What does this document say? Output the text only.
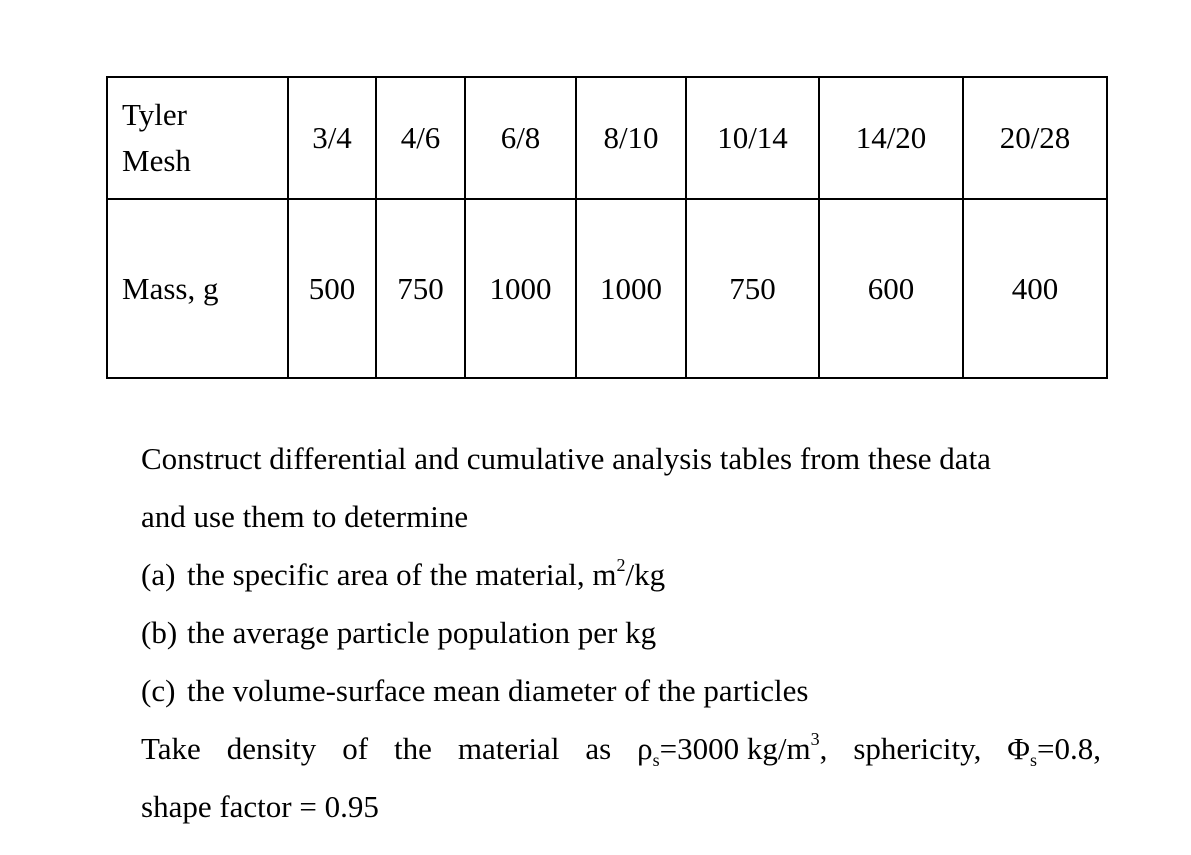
Tyler
Mesh	3/4	4/6	6/8	8/10	10/14	14/20	20/28
Mass, g	500	750	1000	1000	750	600	400
Construct differential and cumulative analysis tables from these data
and use them to determine
(a) the specific area of the material, $m^2/kg$
(b) the average particle population per kg
(c) the volume-surface mean diameter of the particles
Take density of the material as $\rho_s=3000$ $kg/m^3$, sphericity, $\Phi_s=0.8$,
shape factor = 0.95
